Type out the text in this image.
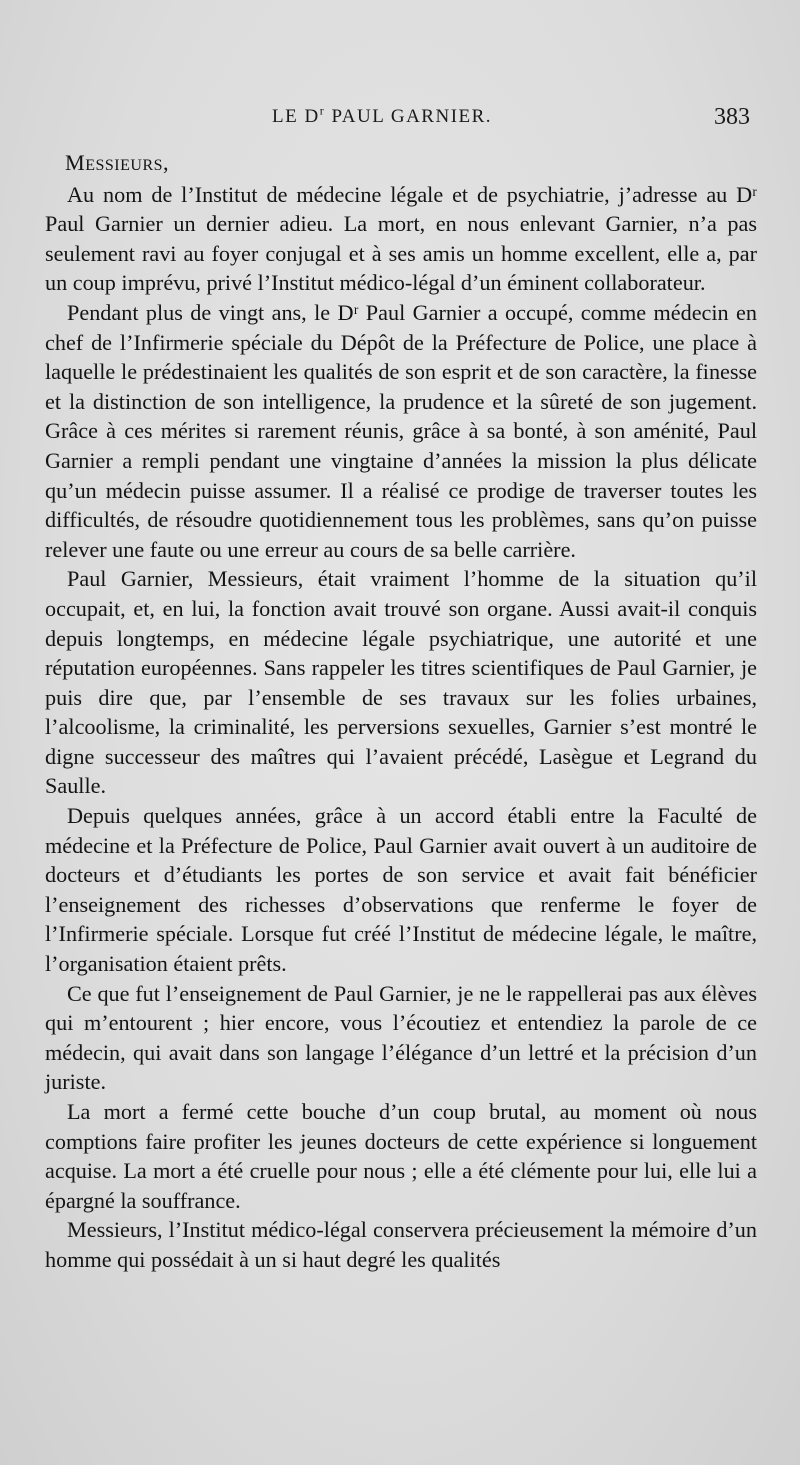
LE $D^r$ PAUL GARNIER.	383

Messieurs,

Au nom de l’Institut de médecine légale et de psychiatrie, j’adresse au Dʳ Paul Garnier un dernier adieu. La mort, en nous enlevant Garnier, n’a pas seulement ravi au foyer conjugal et à ses amis un homme excellent, elle a, par un coup imprévu, privé l’Institut médico-légal d’un éminent collaborateur.

Pendant plus de vingt ans, le Dʳ Paul Garnier a occupé, comme médecin en chef de l’Infirmerie spéciale du Dépôt de la Préfecture de Police, une place à laquelle le prédestinaient les qualités de son esprit et de son caractère, la finesse et la distinction de son intelligence, la prudence et la sûreté de son jugement. Grâce à ces mérites si rarement réunis, grâce à sa bonté, à son aménité, Paul Garnier a rempli pendant une vingtaine d’années la mission la plus délicate qu’un médecin puisse assumer. Il a réalisé ce prodige de traverser toutes les difficultés, de résoudre quotidiennement tous les problèmes, sans qu’on puisse relever une faute ou une erreur au cours de sa belle carrière.

Paul Garnier, Messieurs, était vraiment l’homme de la situation qu’il occupait, et, en lui, la fonction avait trouvé son organe. Aussi avait-il conquis depuis longtemps, en médecine légale psychiatrique, une autorité et une réputation européennes. Sans rappeler les titres scientifiques de Paul Garnier, je puis dire que, par l’ensemble de ses travaux sur les folies urbaines, l’alcoolisme, la criminalité, les perversions sexuelles, Garnier s’est montré le digne successeur des maîtres qui l’avaient précédé, Lasègue et Legrand du Saulle.

Depuis quelques années, grâce à un accord établi entre la Faculté de médecine et la Préfecture de Police, Paul Garnier avait ouvert à un auditoire de docteurs et d’étudiants les portes de son service et avait fait bénéficier l’enseignement des richesses d’observations que renferme le foyer de l’Infirmerie spéciale. Lorsque fut créé l’Institut de médecine légale, le maître, l’organisation étaient prêts.

Ce que fut l’enseignement de Paul Garnier, je ne le rappellerai pas aux élèves qui m’entourent ; hier encore, vous l’écoutiez et entendiez la parole de ce médecin, qui avait dans son langage l’élégance d’un lettré et la précision d’un juriste.

La mort a fermé cette bouche d’un coup brutal, au moment où nous comptions faire profiter les jeunes docteurs de cette expérience si longuement acquise. La mort a été cruelle pour nous ; elle a été clémente pour lui, elle lui a épargné la souffrance.

Messieurs, l’Institut médico-légal conservera précieusement la mémoire d’un homme qui possédait à un si haut degré les qualités
